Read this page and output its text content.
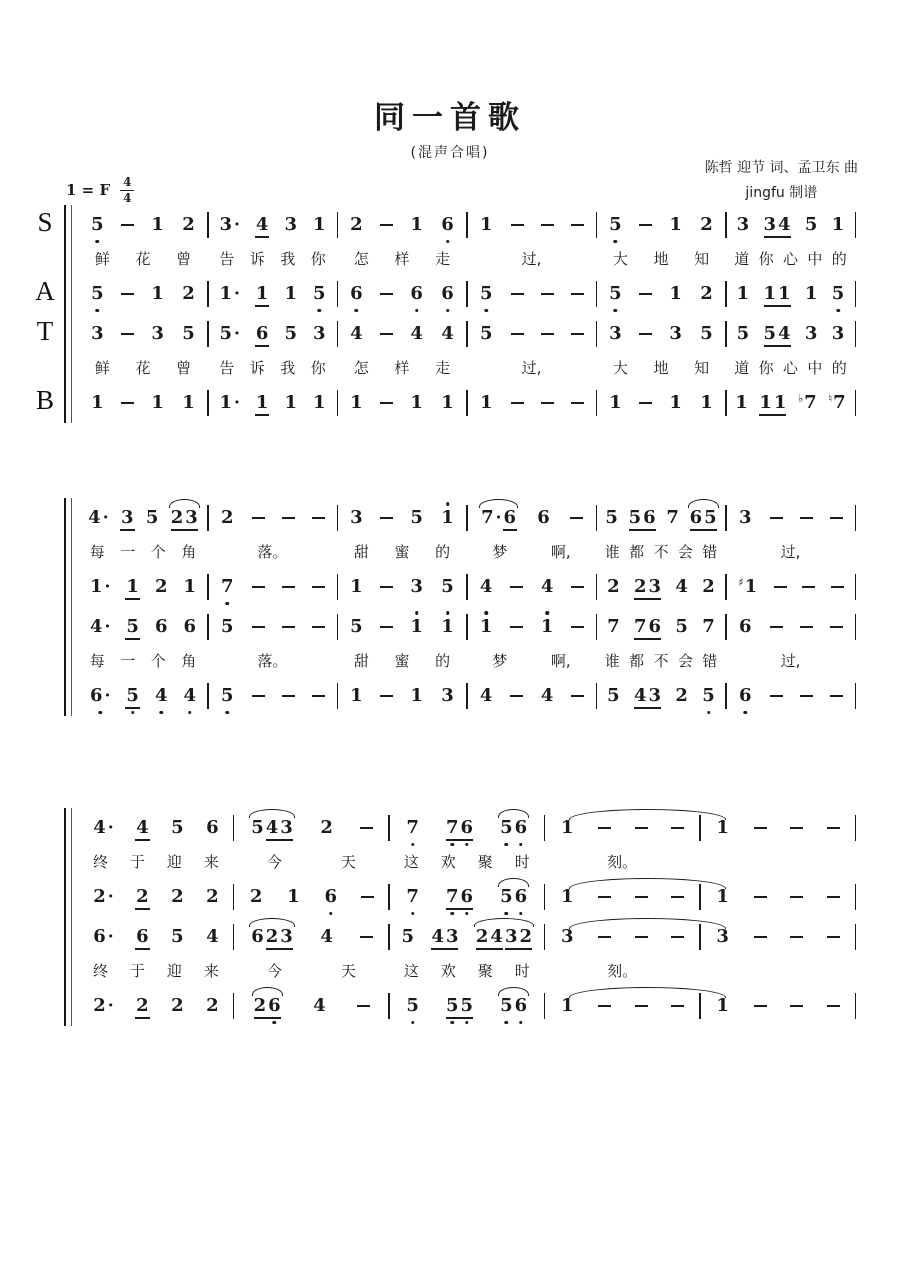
同一首歌
(混声合唱)
陈哲 迎节 词、孟卫东 曲
jingfu 制谱
1 = F $\frac{4}{4}$
S
A
T
B
5	1 2 3 · 4 3 1 2	1 6 1	5	1 2 3 3 4 5 1
鲜 花 曾 告 诉 我 你 怎 样 走	过,	大 地 知 道 你 心 中 的
5	1 2 1 · 1 1 5 6	6 6 5	5	1 2 1 1 1 1 5
3	3 5 5 · 6 5 3 4	4 4 5	3	3 5 5 5 4 3 3
鲜 花 曾 告 诉 我 你 怎 样 走	过,	大 地 知 道 你 心 中 的
1	1 1 1 · 1 1 1 1	1 1 1	1	1 1 1 1 1 ♭ 7 ♮ 7
4 · 3 5 2 3 2	3	5 1 7 · 6 6	5 5 6 7 6 5 3
每 一 个 角	落。	甜 蜜 的	梦	啊, 谁 都 不 会 错	过,
1 · 1 2 1 7	1	3 5 4	4	2 2 3 4 2 ♯ 1
4 · 5 6 6 5	5	1 1 1	1	7 7 6 5 7 6
每 一 个 角	落。	甜 蜜 的	梦	啊, 谁 都 不 会 错	过,
6 · 5 4 4 5	1	1 3 4	4	5 4 3 2 5 6
4 · 4 5 6 5 4 3 2	7 7 6 5 6 1	1
终 于 迎 来	今	天	这 欢 聚 时	刻。
2 · 2 2 2 2 1 6	7 7 6 5 6 1	1
6 · 6 5 4 6 2 3 4	5 4 3 2 4 3 2 3	3
终 于 迎 来	今	天	这 欢 聚 时	刻。
2 · 2 2 2 2 6 4	5 5 5 5 6 1	1
